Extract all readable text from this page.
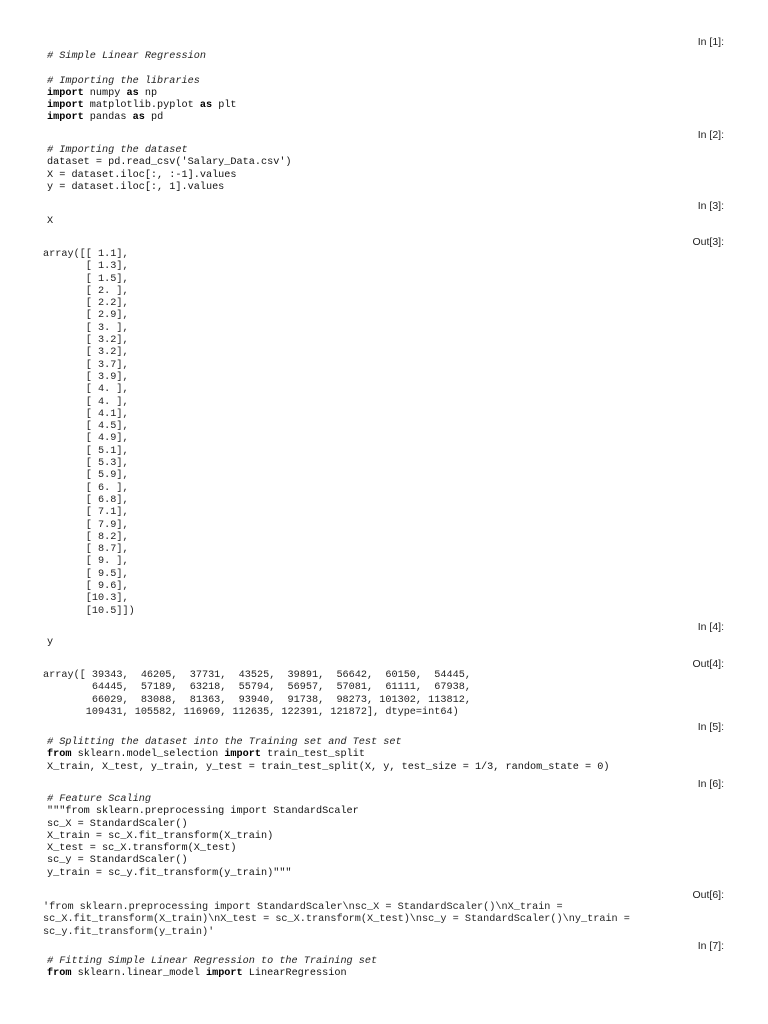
In [1]:
# Simple Linear Regression

# Importing the libraries
import numpy as np
import matplotlib.pyplot as plt
import pandas as pd
In [2]:
# Importing the dataset
dataset = pd.read_csv('Salary_Data.csv')
X = dataset.iloc[:, :-1].values
y = dataset.iloc[:, 1].values
In [3]:
X
Out[3]:
array([[ 1.1],
[ 1.3],
[ 1.5],
[ 2. ],
[ 2.2],
[ 2.9],
[ 3. ],
[ 3.2],
[ 3.2],
[ 3.7],
[ 3.9],
[ 4. ],
[ 4. ],
[ 4.1],
[ 4.5],
[ 4.9],
[ 5.1],
[ 5.3],
[ 5.9],
[ 6. ],
[ 6.8],
[ 7.1],
[ 7.9],
[ 8.2],
[ 8.7],
[ 9. ],
[ 9.5],
[ 9.6],
[10.3],
[10.5]])
In [4]:
y
Out[4]:
array([ 39343,  46205,  37731,  43525,  39891,  56642,  60150,  54445,
64445,  57189,  63218,  55794,  56957,  57081,  61111,  67938,
66029,  83088,  81363,  93940,  91738,  98273, 101302, 113812,
109431, 105582, 116969, 112635, 122391, 121872], dtype=int64)
In [5]:
# Splitting the dataset into the Training set and Test set
from sklearn.model_selection import train_test_split
X_train, X_test, y_train, y_test = train_test_split(X, y, test_size = 1/3, random_state = 0)
In [6]:
# Feature Scaling
"""from sklearn.preprocessing import StandardScaler
sc_X = StandardScaler()
X_train = sc_X.fit_transform(X_train)
X_test = sc_X.transform(X_test)
sc_y = StandardScaler()
y_train = sc_y.fit_transform(y_train)"""
Out[6]:
'from sklearn.preprocessing import StandardScaler\nsc_X = StandardScaler()\nX_train =
sc_X.fit_transform(X_train)\nX_test = sc_X.transform(X_test)\nsc_y = StandardScaler()\ny_train =
sc_y.fit_transform(y_train)'
In [7]:
# Fitting Simple Linear Regression to the Training set
from sklearn.linear_model import LinearRegression
